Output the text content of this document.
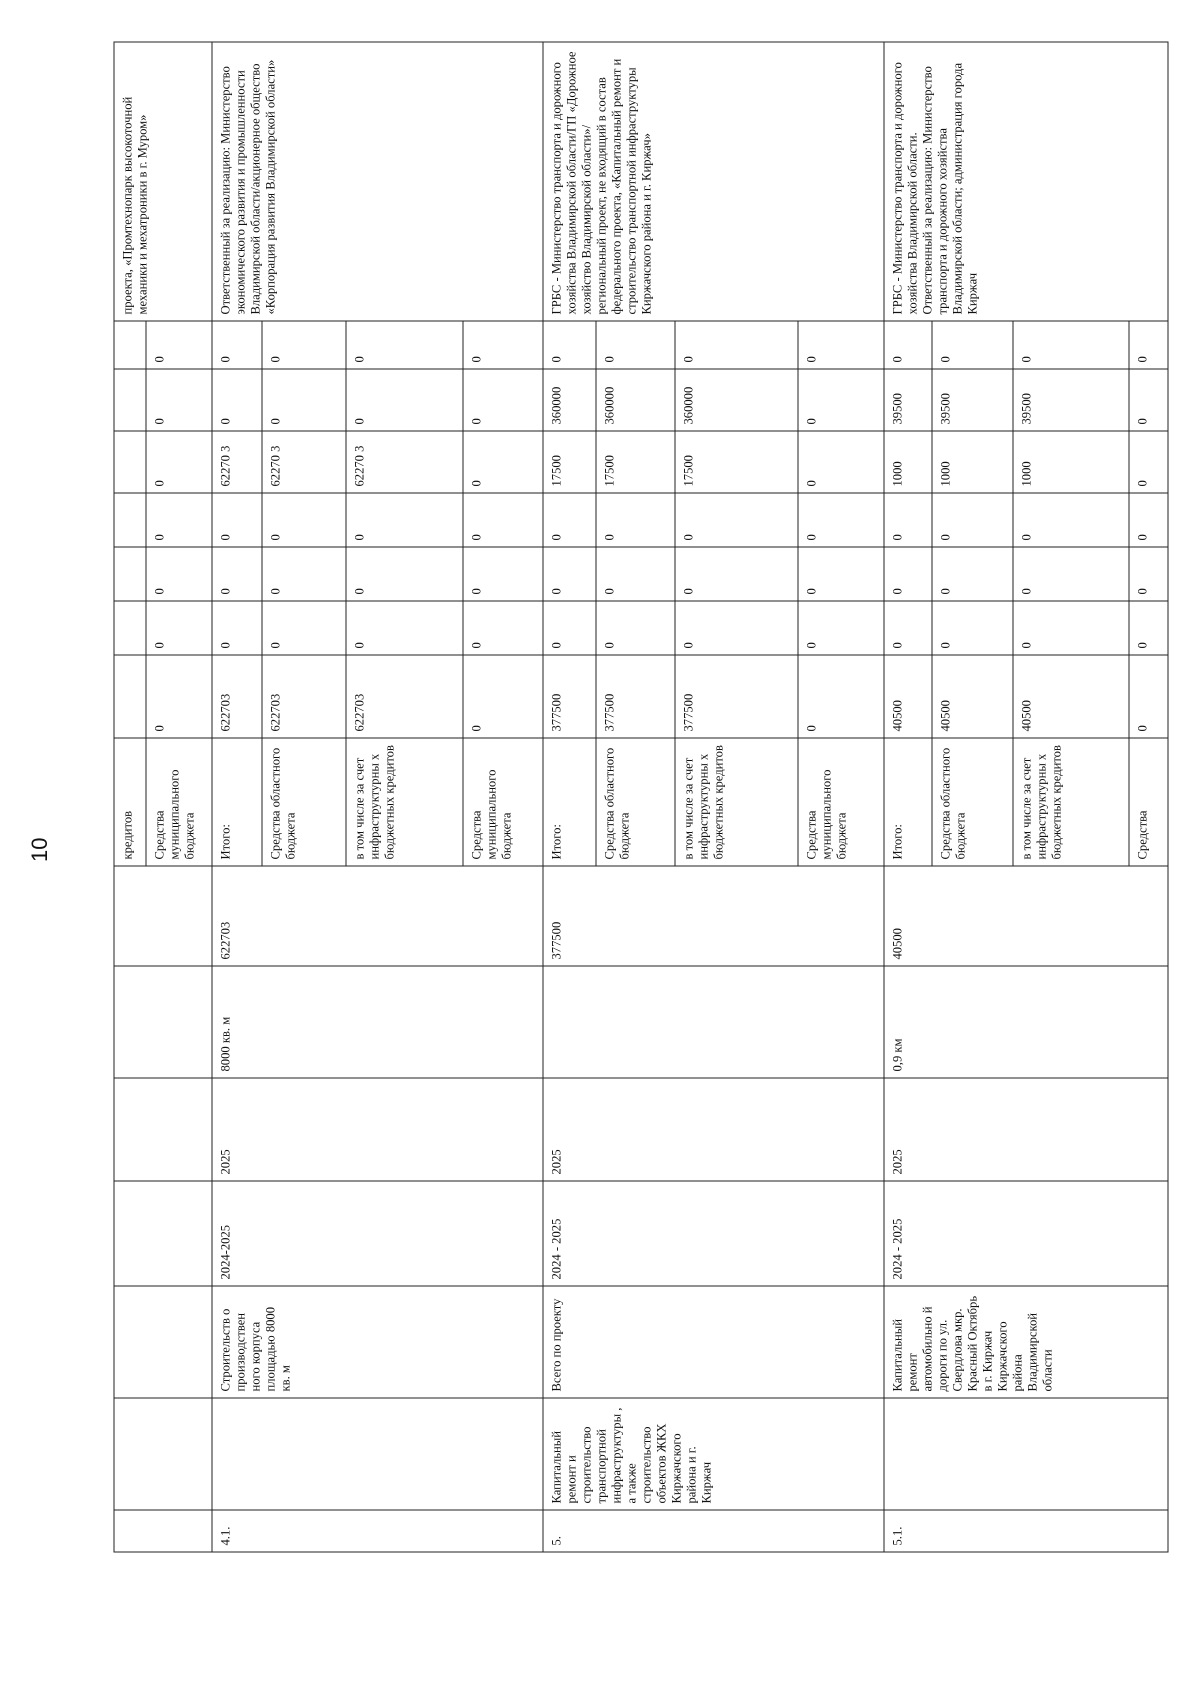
10
								кредитов								проекта, «Промтехнопарк высокоточной механики и мехатроники в г. Муром»
							Средства муниципального бюджета	0	0	0	0	0	0	0	
4.1.		Строительств о производствен ного корпуса площадью 8000 кв. м	2024-2025	2025	8000 кв. м	622703	Итого:	622703	0	0	0	62270 3	0	0	Ответственный за реализацию: Министерство экономического развития и промышленности Владимирской области/акционерное общество «Корпорация развития Владимирской области»
							Средства областного бюджета	622703	0	0	0	62270 3	0	0	
							в том числе за счет инфраструктурны х бюджетных кредитов	622703	0	0	0	62270 3	0	0	
							Средства муниципального бюджета	0	0	0	0	0	0	0	
5.	Капитальный ремонт и строительство транспортной инфраструктуры , а также строительство объектов ЖКХ Киржачского района и г. Киржач	Всего по проекту	2024 - 2025	2025		377500	Итого:	377500	0	0	0	17500	360000	0	ГРБС - Министерство транспорта и дорожного хозяйства Владимирской области/ГП «Дорожное хозяйство Владимирской области»/региональный проект, не входящий в состав федерального проекта, «Капитальный ремонт и строительство транспортной инфраструктуры Киржачского района и г. Киржач»
							Средства областного бюджета	377500	0	0	0	17500	360000	0	
							в том числе за счет инфраструктурны х бюджетных кредитов	377500	0	0	0	17500	360000	0	
							Средства муниципального бюджета	0	0	0	0	0	0	0	
5.1.		Капитальный ремонт автомобильно й дороги по ул. Свердлова мкр. Красный Октябрь в г. Киржач Киржачского района Владимирской области	2024 - 2025	2025	0,9 км	40500	Итого:	40500	0	0	0	1000	39500	0	ГРБС - Министерство транспорта и дорожного хозяйства Владимирской области. Ответственный за реализацию: Министерство транспорта и дорожного хозяйства Владимирской области; администрация города Киржач
							Средства областного бюджета	40500	0	0	0	1000	39500	0	
							в том числе за счет инфраструктурны х бюджетных кредитов	40500	0	0	0	1000	39500	0	
							Средства	0	0	0	0	0	0	0	
